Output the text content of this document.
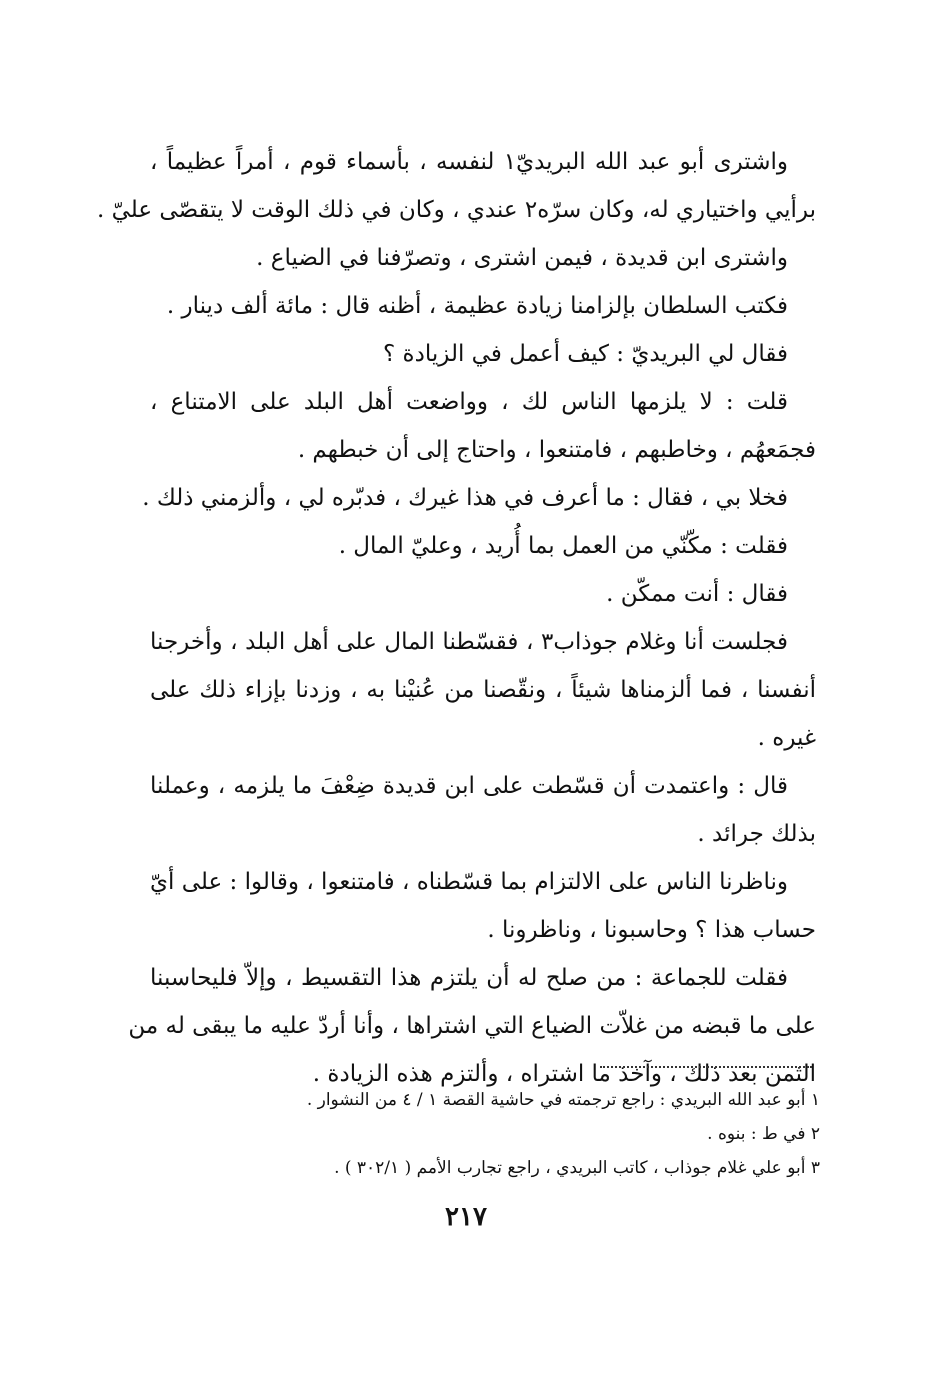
واشترى أبو عبد الله البريديّ١ لنفسه ، بأسماء قوم ، أمراً عظيماً ،
برأيي واختياري له، وكان سرّه٢ عندي ، وكان في ذلك الوقت لا يتقصّى عليّ .
واشترى ابن قديدة ، فيمن اشترى ، وتصرّفنا في الضياع .
فكتب السلطان بإلزامنا زيادة عظيمة ، أظنه قال : مائة ألف دينار .
فقال لي البريديّ : كيف أعمل في الزيادة ؟
قلت : لا يلزمها الناس لك ، وواضعت أهل البلد على الامتناع ،
فجمَعهُم ، وخاطبهم ، فامتنعوا ، واحتاج إلى أن خبطهم .
فخلا بي ، فقال : ما أعرف في هذا غيرك ، فدبّره لي ، وألزمني ذلك .
فقلت : مكّنّي من العمل بما أُريد ، وعليّ المال .
فقال : أنت ممكّن .
فجلست أنا وغلام جوذاب٣ ، فقسّطنا المال على أهل البلد ، وأخرجنا
أنفسنا ، فما ألزمناها شيئاً ، ونقّصنا من عُنيْنا به ، وزدنا بإزاء ذلك على
غيره .
قال : واعتمدت أن قسّطت على ابن قديدة ضِعْفَ ما يلزمه ، وعملنا
بذلك جرائد .
وناظرنا الناس على الالتزام بما قسّطناه ، فامتنعوا ، وقالوا : على أيّ
حساب هذا ؟ وحاسبونا ، وناظرونا .
فقلت للجماعة : من صلح له أن يلتزم هذا التقسيط ، وإلاّ فليحاسبنا
على ما قبضه من غلاّت الضياع التي اشتراها ، وأنا أردّ عليه ما يبقى له من
الثمن بعد ذلك ، وآخذ ما اشتراه ، وألتزم هذه الزيادة .
١ أبو عبد الله البريدي : راجع ترجمته في حاشية القصة ١ / ٤ من النشوار .
٢ في ط : بنوه .
٣ أبو علي غلام جوذاب ، كاتب البريدي ، راجع تجارب الأمم ( ٣٠٢/١ ) .
٢١٧
